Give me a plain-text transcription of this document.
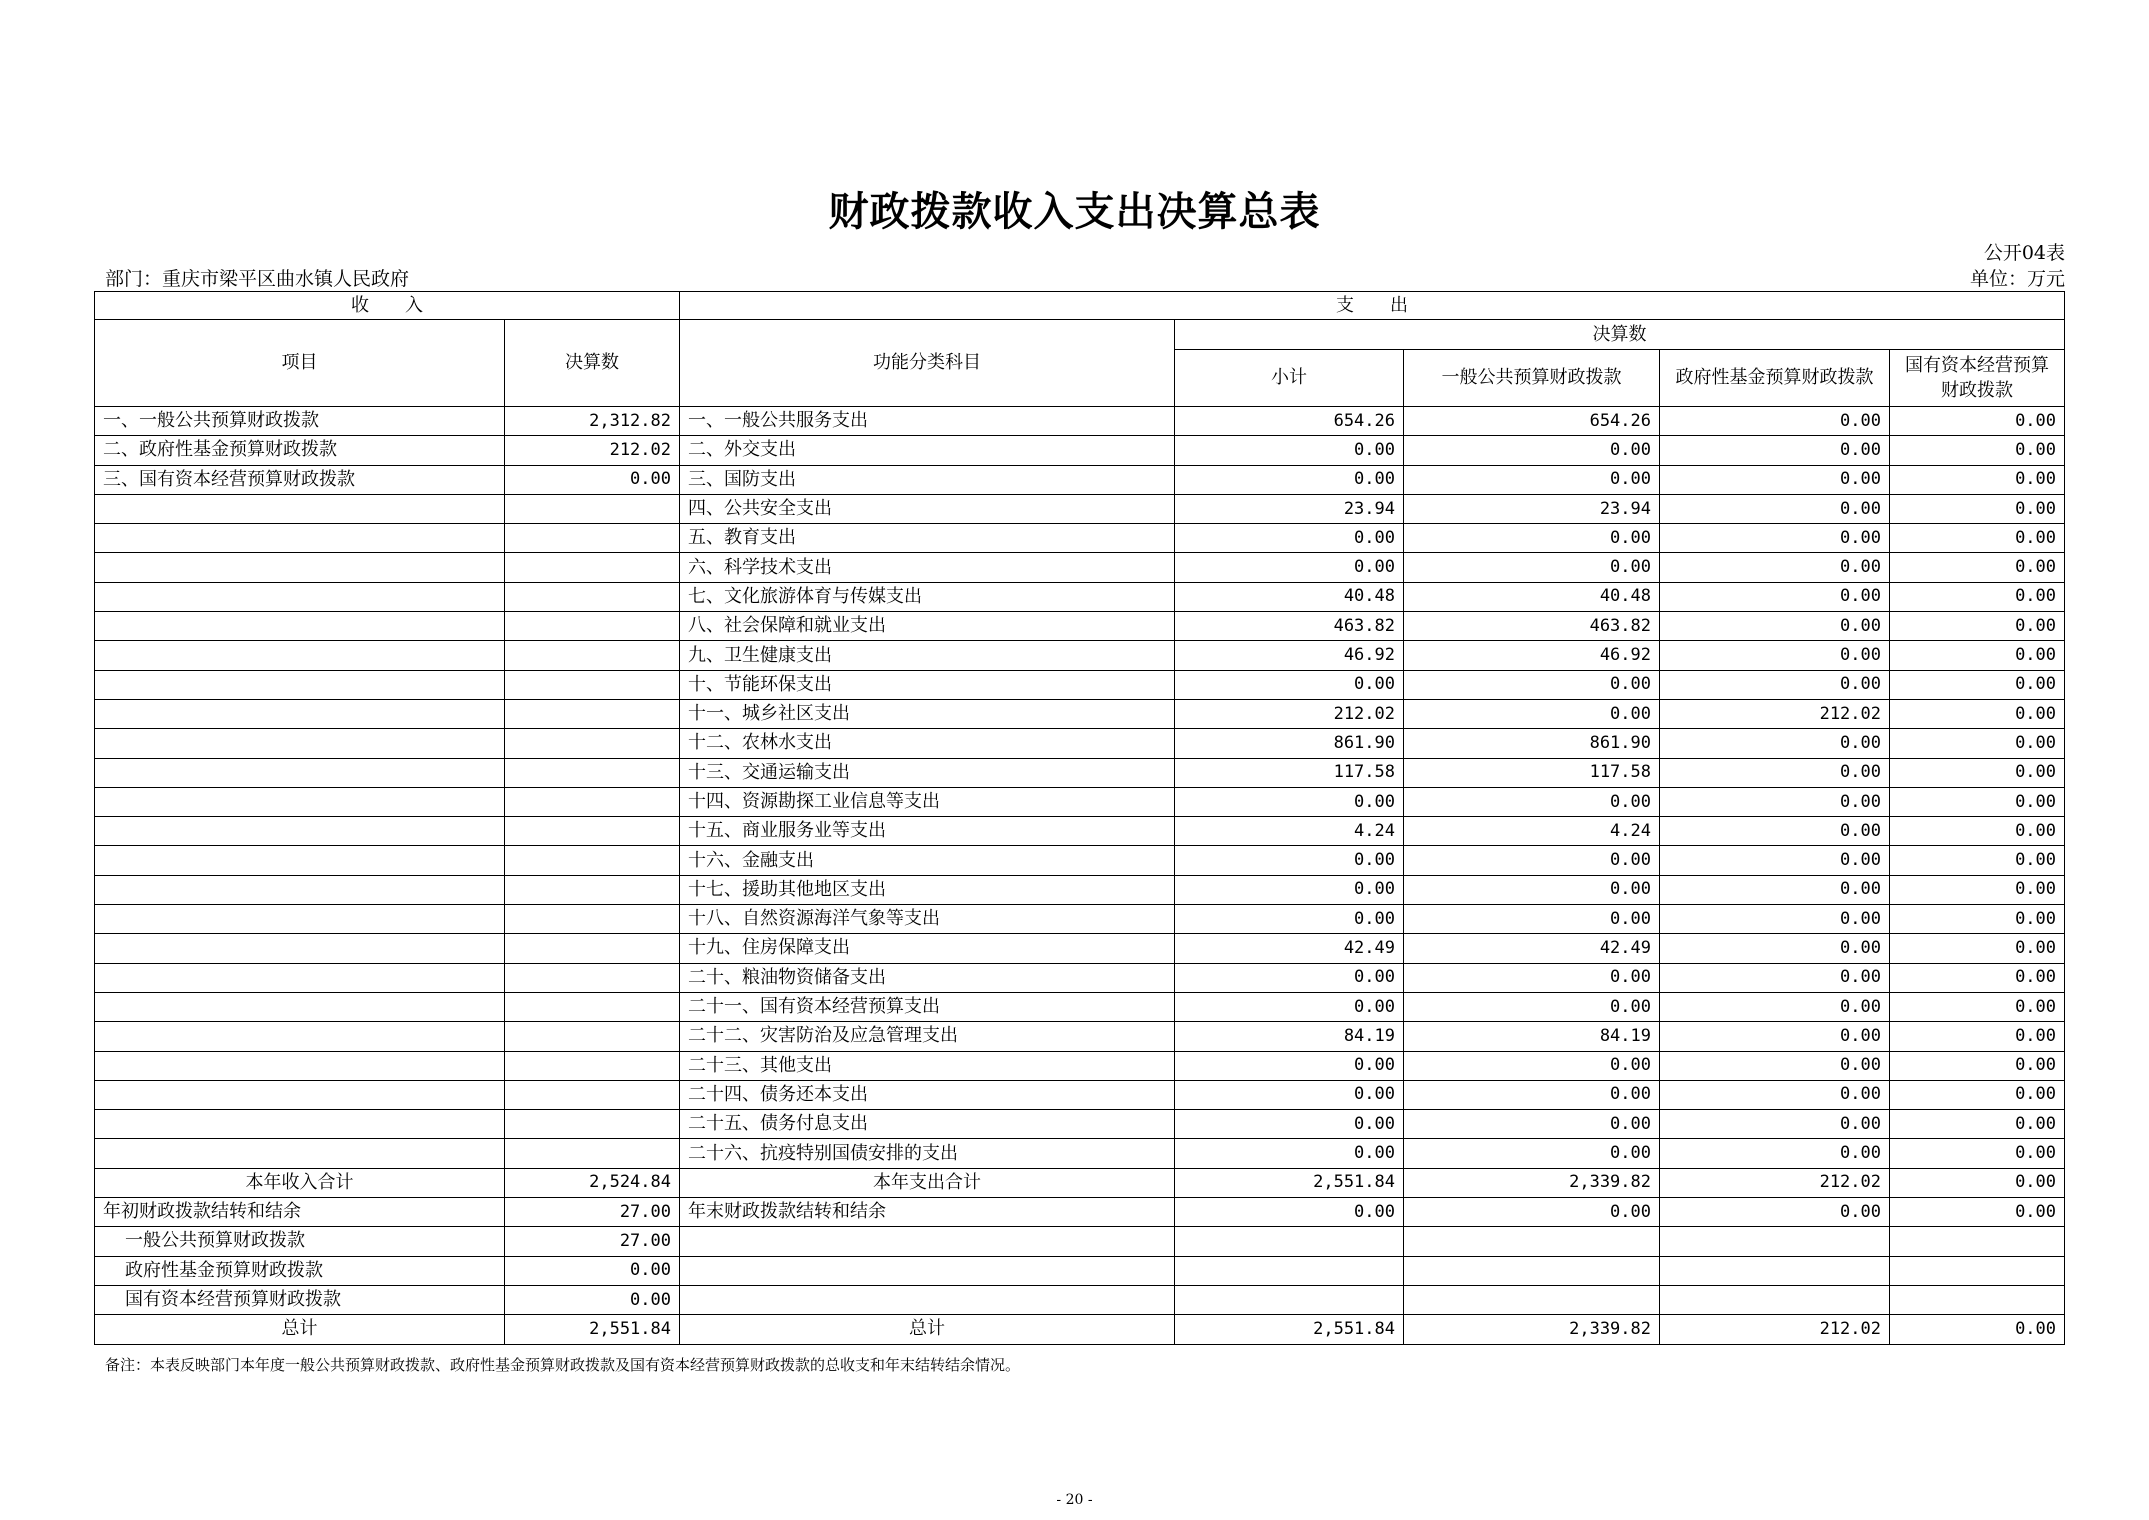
财政拨款收入支出决算总表
公开04表
部门：重庆市梁平区曲水镇人民政府	单位：万元
收　　入		支　　出				
项目	决算数	功能分类科目	决算数			
			小计	一般公共预算财政拨款	政府性基金预算财政拨款	国有资本经营预算财政拨款
一、一般公共预算财政拨款	2,312.82	一、一般公共服务支出	654.26	654.26	0.00	0.00
二、政府性基金预算财政拨款	212.02	二、外交支出	0.00	0.00	0.00	0.00
三、国有资本经营预算财政拨款	0.00	三、国防支出	0.00	0.00	0.00	0.00
		四、公共安全支出	23.94	23.94	0.00	0.00
		五、教育支出	0.00	0.00	0.00	0.00
		六、科学技术支出	0.00	0.00	0.00	0.00
		七、文化旅游体育与传媒支出	40.48	40.48	0.00	0.00
		八、社会保障和就业支出	463.82	463.82	0.00	0.00
		九、卫生健康支出	46.92	46.92	0.00	0.00
		十、节能环保支出	0.00	0.00	0.00	0.00
		十一、城乡社区支出	212.02	0.00	212.02	0.00
		十二、农林水支出	861.90	861.90	0.00	0.00
		十三、交通运输支出	117.58	117.58	0.00	0.00
		十四、资源勘探工业信息等支出	0.00	0.00	0.00	0.00
		十五、商业服务业等支出	4.24	4.24	0.00	0.00
		十六、金融支出	0.00	0.00	0.00	0.00
		十七、援助其他地区支出	0.00	0.00	0.00	0.00
		十八、自然资源海洋气象等支出	0.00	0.00	0.00	0.00
		十九、住房保障支出	42.49	42.49	0.00	0.00
		二十、粮油物资储备支出	0.00	0.00	0.00	0.00
		二十一、国有资本经营预算支出	0.00	0.00	0.00	0.00
		二十二、灾害防治及应急管理支出	84.19	84.19	0.00	0.00
		二十三、其他支出	0.00	0.00	0.00	0.00
		二十四、债务还本支出	0.00	0.00	0.00	0.00
		二十五、债务付息支出	0.00	0.00	0.00	0.00
		二十六、抗疫特别国债安排的支出	0.00	0.00	0.00	0.00
本年收入合计	2,524.84	本年支出合计	2,551.84	2,339.82	212.02	0.00
年初财政拨款结转和结余	27.00	年末财政拨款结转和结余	0.00	0.00	0.00	0.00
一般公共预算财政拨款	27.00					
政府性基金预算财政拨款	0.00					
国有资本经营预算财政拨款	0.00					
总计	2,551.84	总计	2,551.84	2,339.82	212.02	0.00
备注：本表反映部门本年度一般公共预算财政拨款、政府性基金预算财政拨款及国有资本经营预算财政拨款的总收支和年末结转结余情况。
- 20 -
